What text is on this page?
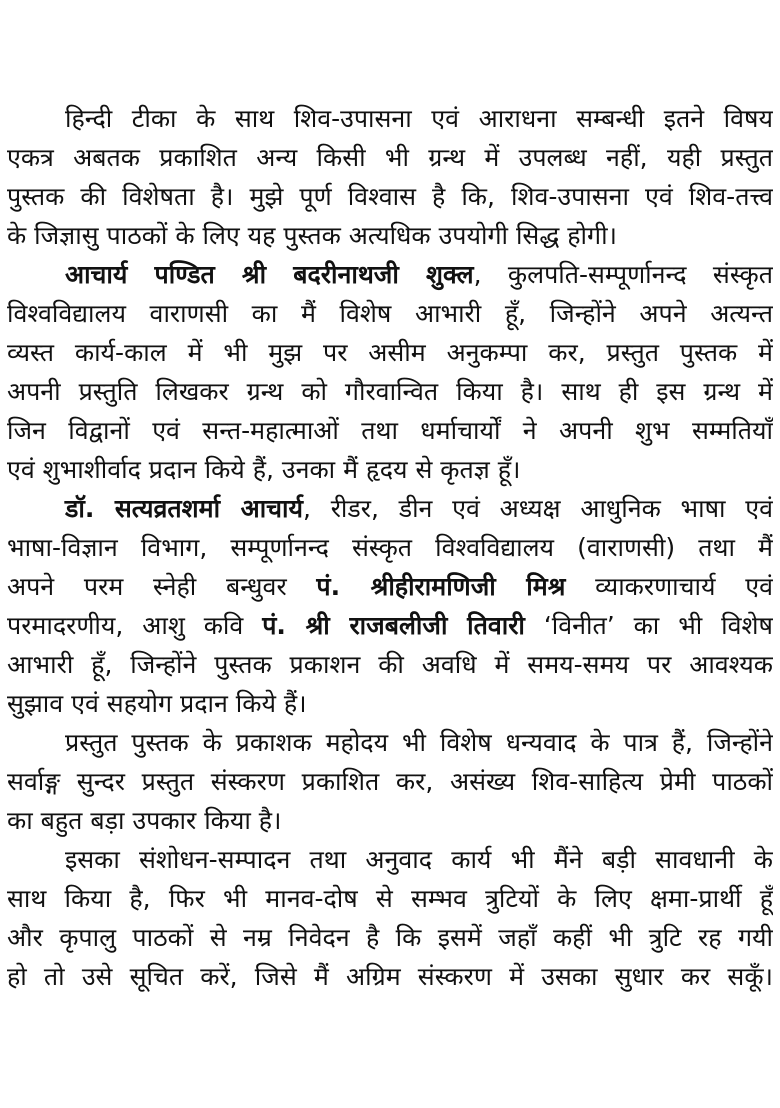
हिन्दी टीका के साथ शिव-उपासना एवं आराधना सम्बन्धी इतने विषय
एकत्र अबतक प्रकाशित अन्य किसी भी ग्रन्थ में उपलब्ध नहीं, यही प्रस्तुत
पुस्तक की विशेषता है। मुझे पूर्ण विश्वास है कि, शिव-उपासना एवं शिव-तत्त्व
के जिज्ञासु पाठकों के लिए यह पुस्तक अत्यधिक उपयोगी सिद्ध होगी।
आचार्य पण्डित श्री बदरीनाथजी शुक्ल, कुलपति-सम्पूर्णानन्द संस्कृत
विश्वविद्यालय वाराणसी का मैं विशेष आभारी हूँ, जिन्होंने अपने अत्यन्त
व्यस्त कार्य-काल में भी मुझ पर असीम अनुकम्पा कर, प्रस्तुत पुस्तक में
अपनी प्रस्तुति लिखकर ग्रन्थ को गौरवान्वित किया है। साथ ही इस ग्रन्थ में
जिन विद्वानों एवं सन्त-महात्माओं तथा धर्माचार्यों ने अपनी शुभ सम्मतियाँ
एवं शुभाशीर्वाद प्रदान किये हैं, उनका मैं हृदय से कृतज्ञ हूँ।
डॉ. सत्यव्रतशर्मा आचार्य, रीडर, डीन एवं अध्यक्ष आधुनिक भाषा एवं
भाषा-विज्ञान विभाग, सम्पूर्णानन्द संस्कृत विश्वविद्यालय (वाराणसी) तथा मैं
अपने परम स्नेही बन्धुवर पं. श्रीहीरामणिजी मिश्र व्याकरणाचार्य एवं
परमादरणीय, आशु कवि पं. श्री राजबलीजी तिवारी ‘विनीत’ का भी विशेष
आभारी हूँ, जिन्होंने पुस्तक प्रकाशन की अवधि में समय-समय पर आवश्यक
सुझाव एवं सहयोग प्रदान किये हैं।
प्रस्तुत पुस्तक के प्रकाशक महोदय भी विशेष धन्यवाद के पात्र हैं, जिन्होंने
सर्वाङ्ग सुन्दर प्रस्तुत संस्करण प्रकाशित कर, असंख्य शिव-साहित्य प्रेमी पाठकों
का बहुत बड़ा उपकार किया है।
इसका संशोधन-सम्पादन तथा अनुवाद कार्य भी मैंने बड़ी सावधानी के
साथ किया है, फिर भी मानव-दोष से सम्भव त्रुटियों के लिए क्षमा-प्रार्थी हूँ
और कृपालु पाठकों से नम्र निवेदन है कि इसमें जहाँ कहीं भी त्रुटि रह गयी
हो तो उसे सूचित करें, जिसे मैं अग्रिम संस्करण में उसका सुधार कर सकूँ।
